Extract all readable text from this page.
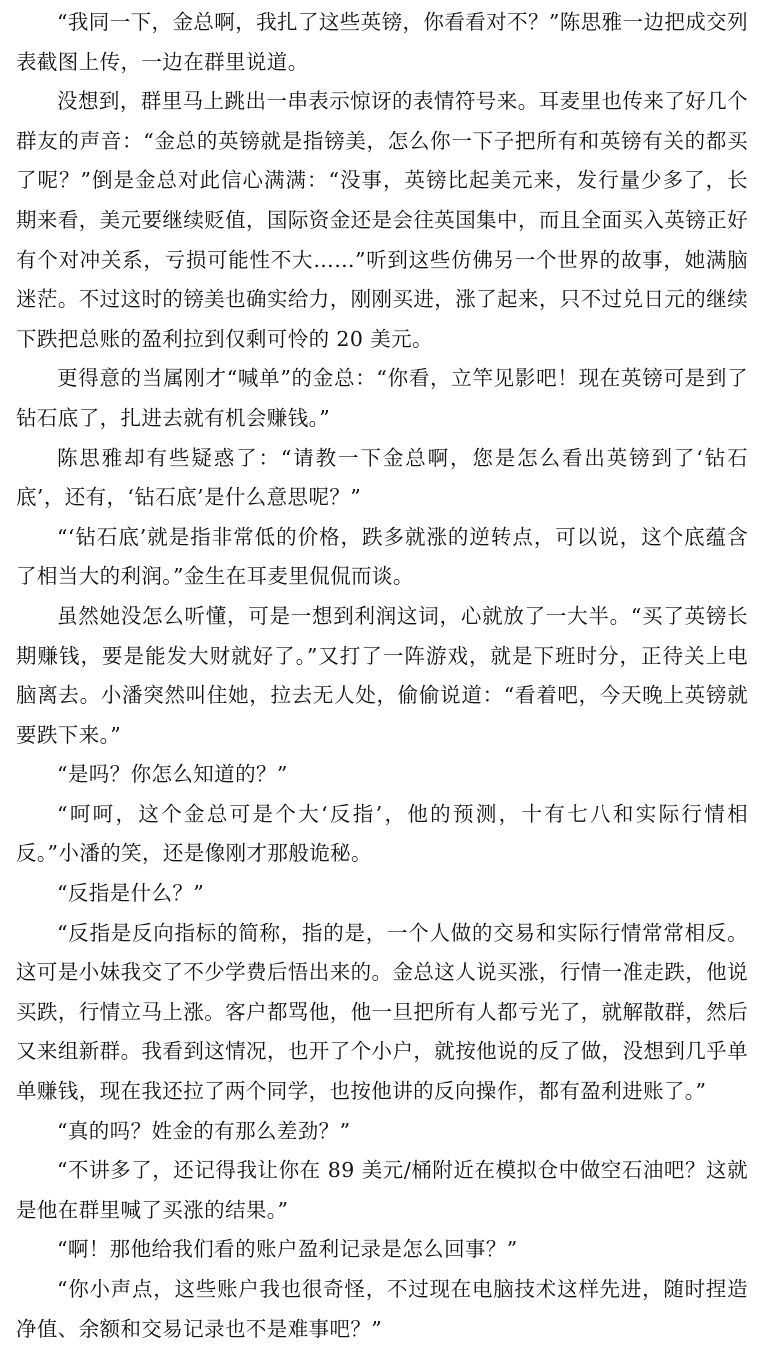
“我同一下，金总啊，我扎了这些英镑，你看看对不？”陈思雅一边把成交列表截图上传，一边在群里说道。

没想到，群里马上跳出一串表示惊讶的表情符号来。耳麦里也传来了好几个群友的声音：“金总的英镑就是指镑美，怎么你一下子把所有和英镑有关的都买了呢？”倒是金总对此信心满满：“没事，英镑比起美元来，发行量少多了，长期来看，美元要继续贬值，国际资金还是会往英国集中，而且全面买入英镑正好有个对冲关系，亏损可能性不大……”听到这些仿佛另一个世界的故事，她满脑迷茫。不过这时的镑美也确实给力，刚刚买进，涨了起来，只不过兑日元的继续下跌把总账的盈利拉到仅剩可怜的 20 美元。

更得意的当属刚才“喊单”的金总：“你看，立竿见影吧！现在英镑可是到了钻石底了，扎进去就有机会赚钱。”

陈思雅却有些疑惑了：“请教一下金总啊，您是怎么看出英镑到了‘钻石底’，还有，‘钻石底’是什么意思呢？”

“‘钻石底’就是指非常低的价格，跌多就涨的逆转点，可以说，这个底蕴含了相当大的利润。”金生在耳麦里侃侃而谈。

虽然她没怎么听懂，可是一想到利润这词，心就放了一大半。“买了英镑长期赚钱，要是能发大财就好了。”又打了一阵游戏，就是下班时分，正待关上电脑离去。小潘突然叫住她，拉去无人处，偷偷说道：“看着吧，今天晚上英镑就要跌下来。”

“是吗？你怎么知道的？”

“呵呵，这个金总可是个大‘反指’，他的预测，十有七八和实际行情相反。”小潘的笑，还是像刚才那般诡秘。

“反指是什么？”

“反指是反向指标的简称，指的是，一个人做的交易和实际行情常常相反。这可是小妹我交了不少学费后悟出来的。金总这人说买涨，行情一准走跌，他说买跌，行情立马上涨。客户都骂他，他一旦把所有人都亏光了，就解散群，然后又来组新群。我看到这情况，也开了个小户，就按他说的反了做，没想到几乎单单赚钱，现在我还拉了两个同学，也按他讲的反向操作，都有盈利进账了。”

“真的吗？姓金的有那么差劲？”

“不讲多了，还记得我让你在 89 美元/桶附近在模拟仓中做空石油吧？这就是他在群里喊了买涨的结果。”

“啊！那他给我们看的账户盈利记录是怎么回事？”

“你小声点，这些账户我也很奇怪，不过现在电脑技术这样先进，随时捏造净值、余额和交易记录也不是难事吧？”
